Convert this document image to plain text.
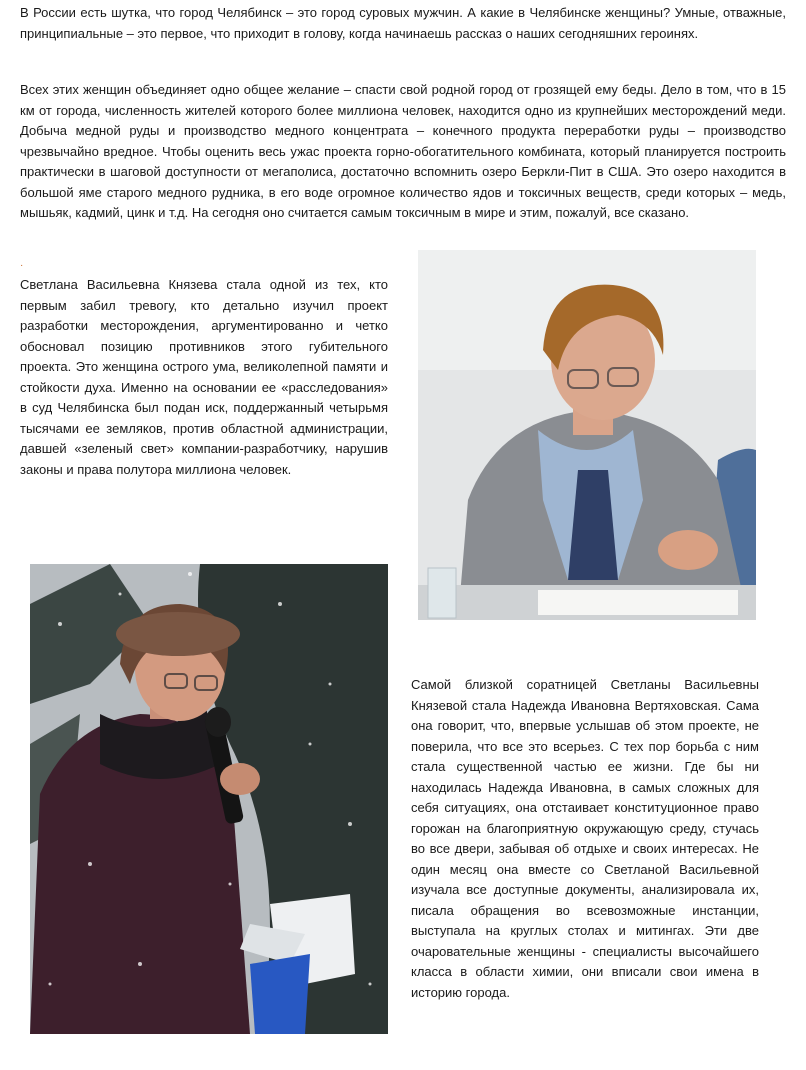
В России есть шутка, что город Челябинск – это город суровых мужчин. А какие в Челябинске женщины? Умные, отважные, принципиальные – это первое, что приходит в голову, когда начинаешь рассказ о наших сегодняшних героинях.

Всех этих женщин объединяет одно общее желание – спасти свой родной город от грозящей ему беды. Дело в том, что в 15 км от города, численность жителей которого более миллиона человек, находится одно из крупнейших месторождений меди. Добыча медной руды и производство медного концентрата – конечного продукта переработки руды – производство чрезвычайно вредное. Чтобы оценить весь ужас проекта горно-обогатительного комбината, который планируется построить практически в шаговой доступности от мегаполиса, достаточно вспомнить озеро Беркли-Пит в США. Это озеро находится в большой яме старого медного рудника, в его воде огромное количество ядов и токсичных веществ, среди которых – медь, мышьяк, кадмий, цинк и т.д. На сегодня оно считается самым токсичным в мире и этим, пожалуй, все сказано.

·

Светлана Васильевна Князева стала одной из тех, кто первым забил тревогу, кто детально изучил проект разработки месторождения, аргументированно и четко обосновал позицию противников этого губительного проекта. Это женщина острого ума, великолепной памяти и стойкости духа. Именно на основании ее «расследования» в суд Челябинска был подан иск, поддержанный четырьмя тысячами ее земляков, против областной администрации, давшей «зеленый свет» компании-разработчику, нарушив законы и права полутора миллиона человек.

Самой близкой соратницей Светланы Васильевны Князевой стала Надежда Ивановна Вертяховская. Сама она говорит, что, впервые услышав об этом проекте, не поверила, что все это всерьез. С тех пор борьба с ним стала существенной частью ее жизни. Где бы ни находилась Надежда Ивановна, в самых сложных для себя ситуациях, она отстаивает конституционное право горожан на благоприятную окружающую среду, стучась во все двери, забывая об отдыхе и своих интересах. Не один месяц она вместе со Светланой Васильевной изучала все доступные документы, анализировала их, писала обращения во всевозможные инстанции, выступала на круглых столах и митингах. Эти две очаровательные женщины - специалисты высочайшего класса в области химии, они вписали свои имена в историю города.
